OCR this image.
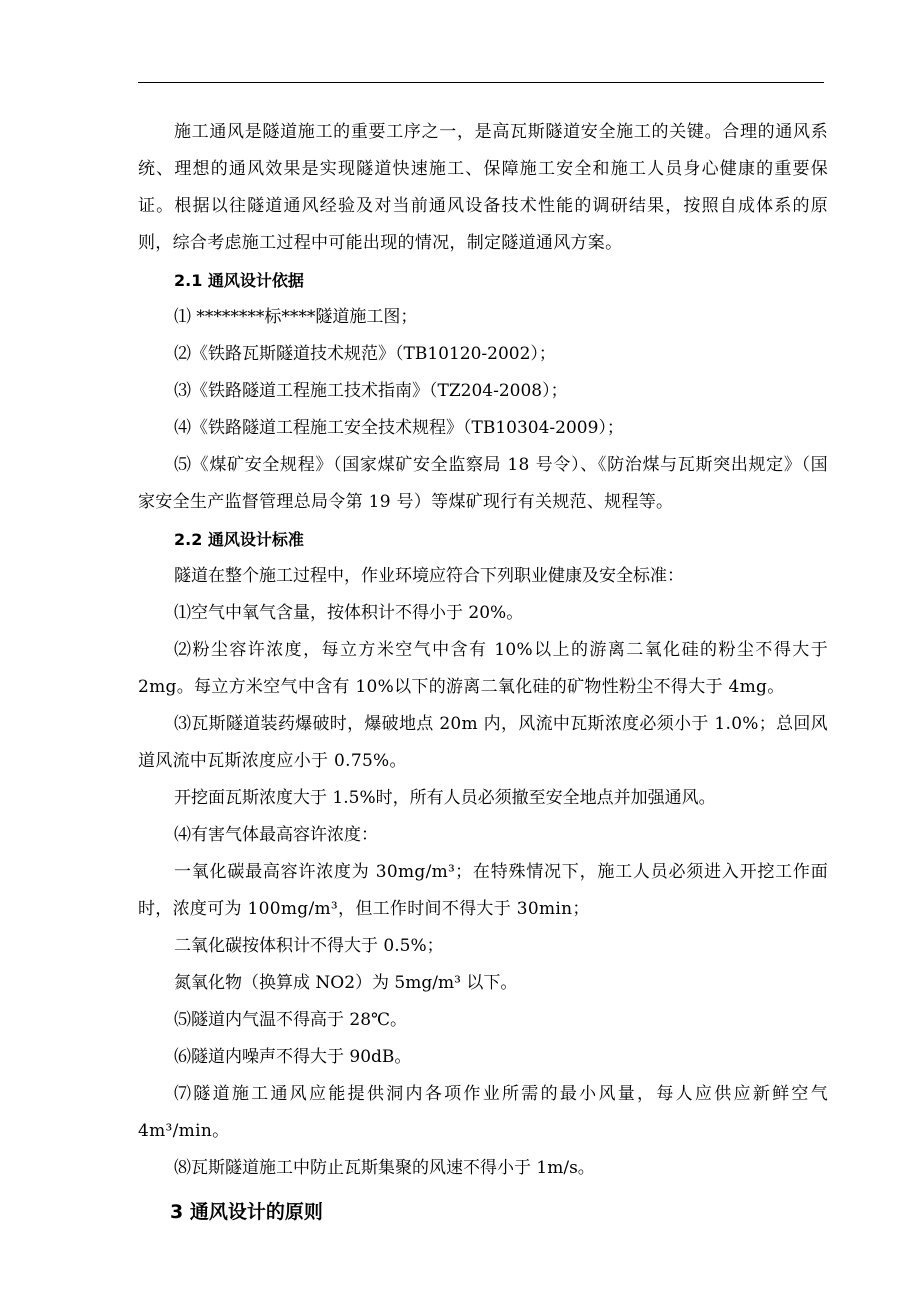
施工通风是隧道施工的重要工序之一，是高瓦斯隧道安全施工的关键。合理的通风系统、理想的通风效果是实现隧道快速施工、保障施工安全和施工人员身心健康的重要保证。根据以往隧道通风经验及对当前通风设备技术性能的调研结果，按照自成体系的原则，综合考虑施工过程中可能出现的情况，制定隧道通风方案。

2.1 通风设计依据

⑴ ********标****隧道施工图；

⑵《铁路瓦斯隧道技术规范》（TB10120-2002）；

⑶《铁路隧道工程施工技术指南》（TZ204-2008）；

⑷《铁路隧道工程施工安全技术规程》（TB10304-2009）；

⑸《煤矿安全规程》（国家煤矿安全监察局 18 号令）、《防治煤与瓦斯突出规定》（国家安全生产监督管理总局令第 19 号）等煤矿现行有关规范、规程等。

2.2 通风设计标准

隧道在整个施工过程中，作业环境应符合下列职业健康及安全标准：

⑴空气中氧气含量，按体积计不得小于 20%。

⑵粉尘容许浓度，每立方米空气中含有 10%以上的游离二氧化硅的粉尘不得大于 2mg。每立方米空气中含有 10%以下的游离二氧化硅的矿物性粉尘不得大于 4mg。

⑶瓦斯隧道装药爆破时，爆破地点 20m 内，风流中瓦斯浓度必须小于 1.0%；总回风道风流中瓦斯浓度应小于 0.75%。

开挖面瓦斯浓度大于 1.5%时，所有人员必须撤至安全地点并加强通风。

⑷有害气体最高容许浓度：

一氧化碳最高容许浓度为 30mg/m³；在特殊情况下，施工人员必须进入开挖工作面时，浓度可为 100mg/m³，但工作时间不得大于 30min；

二氧化碳按体积计不得大于 0.5%；

氮氧化物（换算成 NO2）为 5mg/m³ 以下。

⑸隧道内气温不得高于 28℃。

⑹隧道内噪声不得大于 90dB。

⑺隧道施工通风应能提供洞内各项作业所需的最小风量，每人应供应新鲜空气 4m³/min。

⑻瓦斯隧道施工中防止瓦斯集聚的风速不得小于 1m/s。

3 通风设计的原则
